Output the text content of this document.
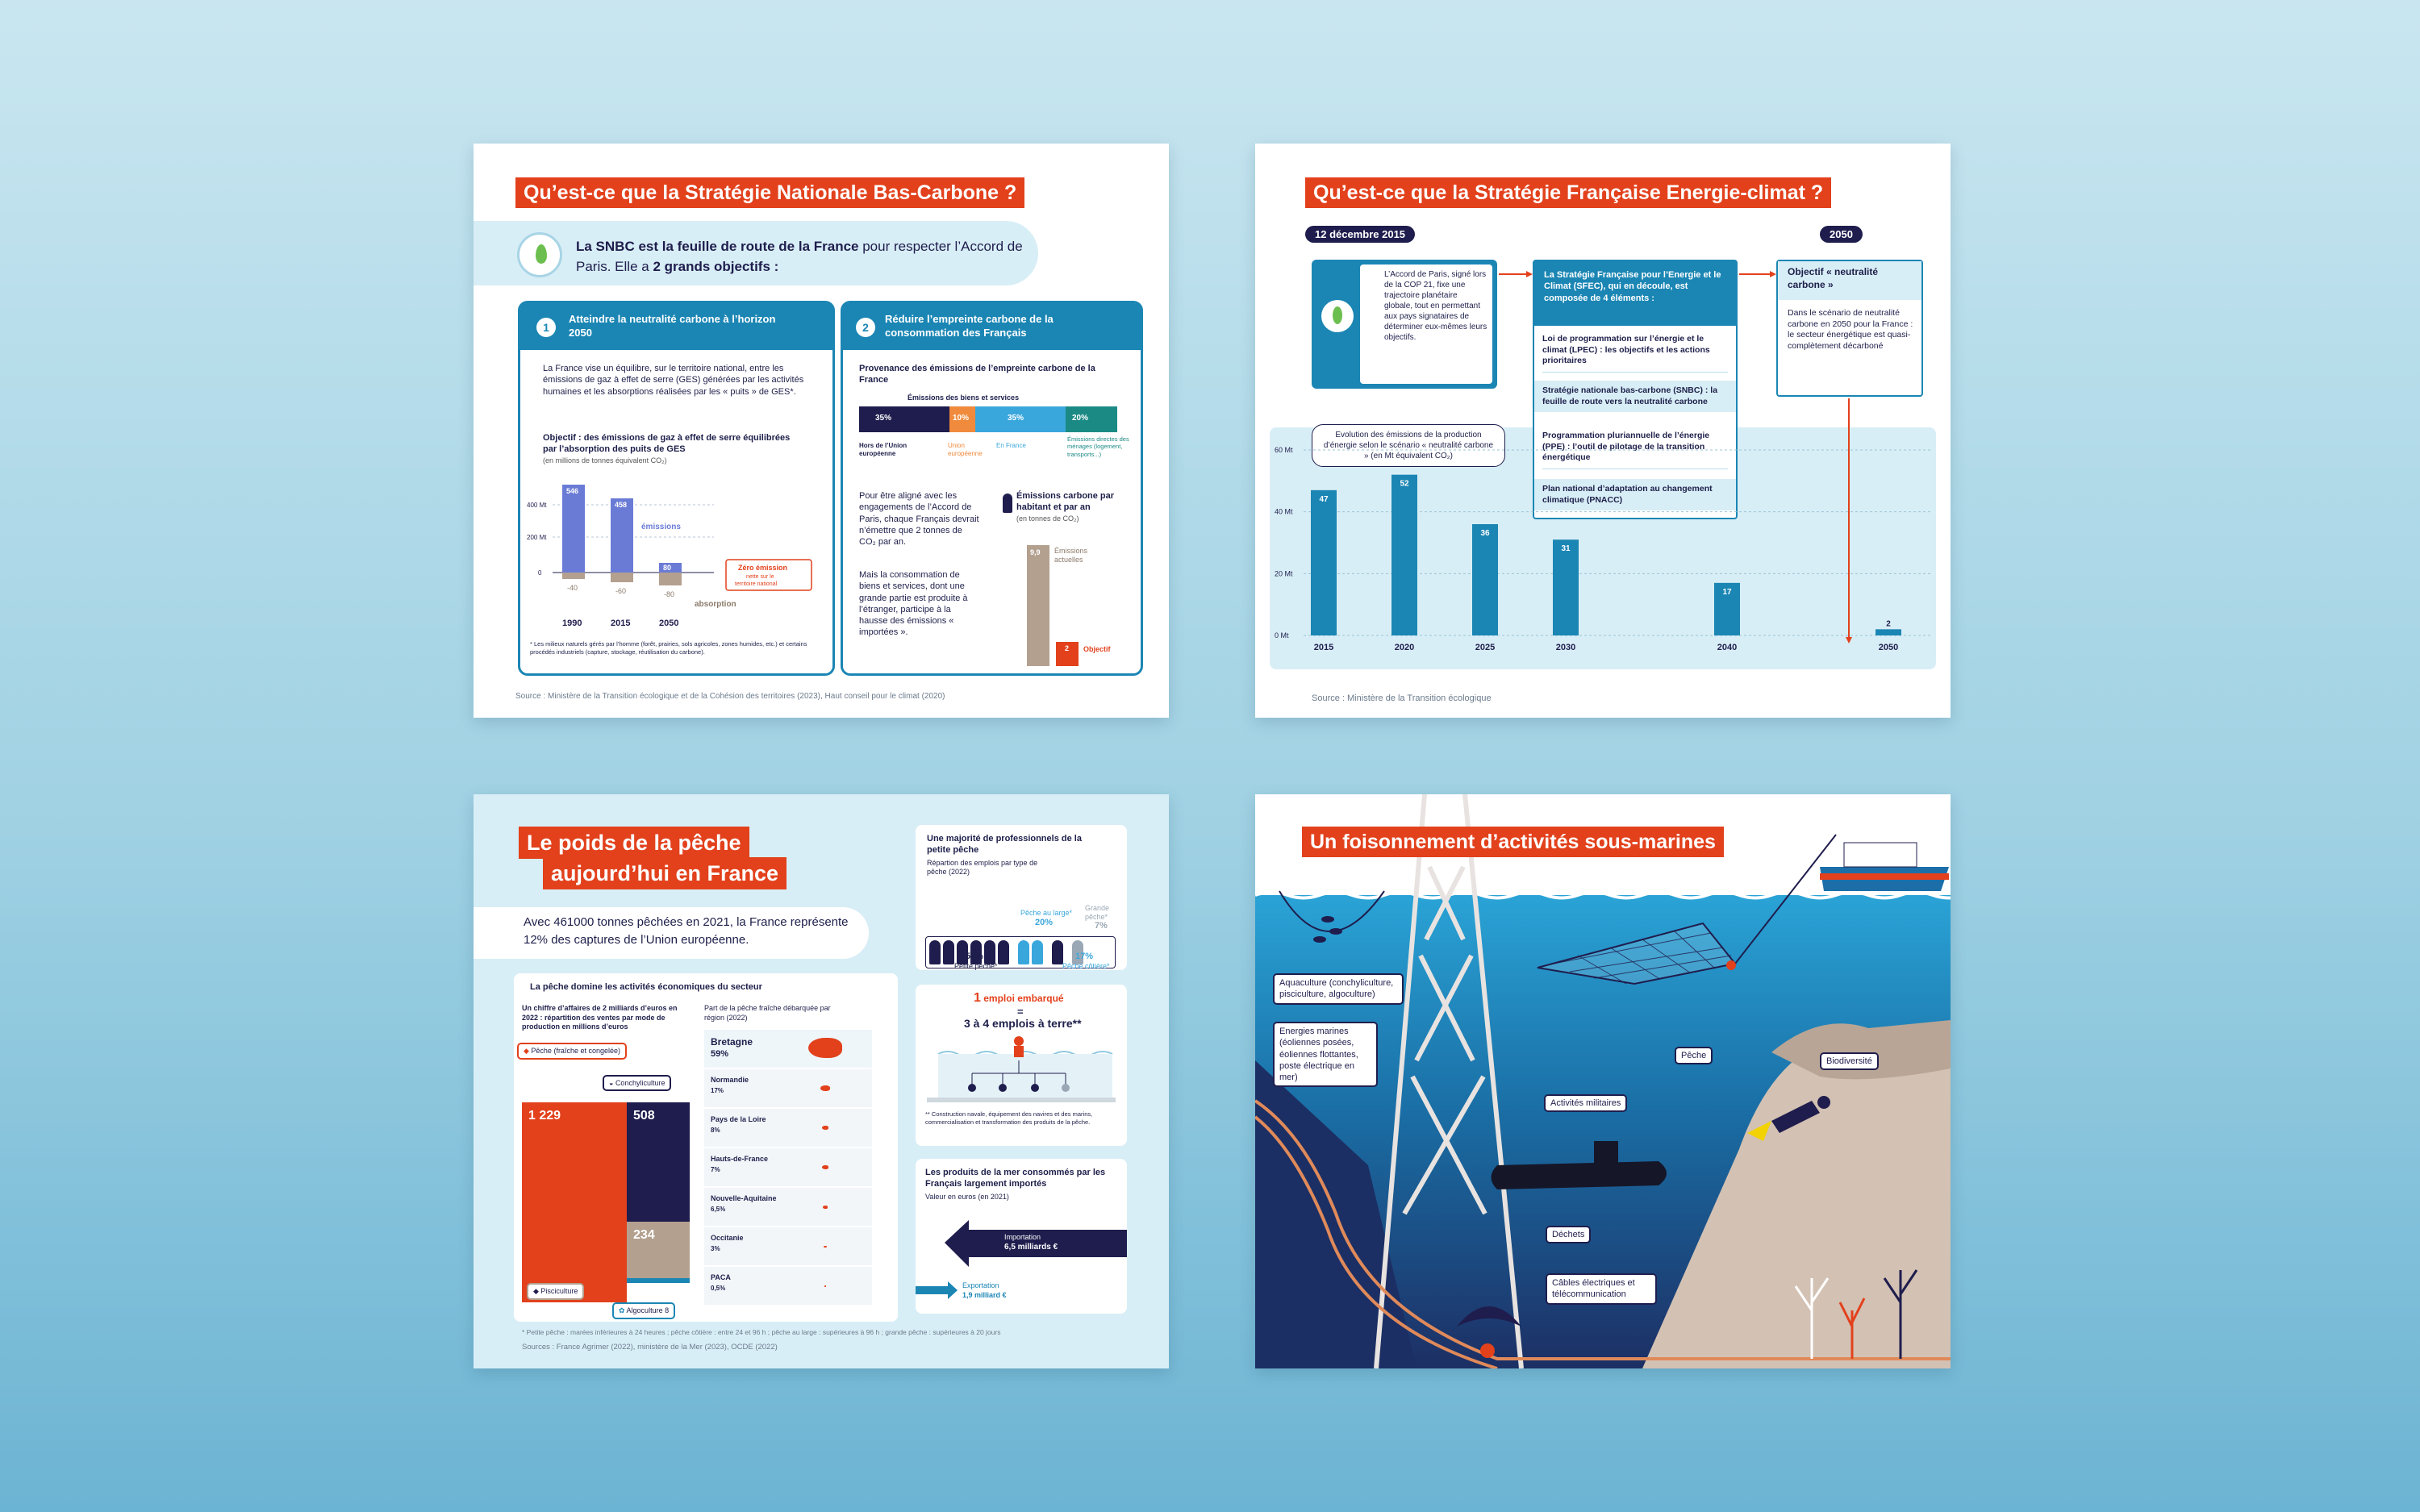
Qu’est-ce que la Stratégie Nationale Bas-Carbone ?
La SNBC est la feuille de route de la France pour respecter l’Accord de Paris. Elle a 2 grands objectifs :
1
Atteindre la neutralité carbone à l’horizon 2050
La France vise un équilibre, sur le territoire national, entre les émissions de gaz à effet de serre (GES) générées par les activités humaines et les absorptions réalisées par les « puits » de GES*.
Objectif : des émissions de gaz à effet de serre équilibrées par l’absorption des puits de GES
(en millions de tonnes équivalent CO₂)
400 Mt
200 Mt
0
546
458
80
-40	-60	-80
émissions
absorption
Zéro émission
nette sur le
territoire national
1990	2015	2050
* Les milieux naturels gérés par l’homme (forêt, prairies, sols agricoles, zones humides, etc.) et certains procédés industriels (capture, stockage, réutilisation du carbone).
2
Réduire l’empreinte carbone de la consommation des Français
Provenance des émissions de l’empreinte carbone de la France
Émissions des biens et services
35%	10%	35%	20%
Hors de l’Union européenne
Union européenne
En France
Émissions directes des ménages (logement, transports...)
Pour être aligné avec les engagements de l’Accord de Paris, chaque Français devrait n’émettre que 2 tonnes de CO₂ par an.
Mais la consommation de biens et services, dont une grande partie est produite à l’étranger, participe à la hausse des émissions « importées ».
Émissions carbone par habitant et par an
(en tonnes de CO₂)
9,9 Émissions actuelles
2 Objectif
Source : Ministère de la Transition écologique et de la Cohésion des territoires (2023), Haut conseil pour le climat (2020)
Qu’est-ce que la Stratégie Française Energie-climat ?
12 décembre 2015	2050
L’Accord de Paris, signé lors de la COP 21, fixe une trajectoire planétaire globale, tout en permettant aux pays signataires de déterminer eux-mêmes leurs objectifs.
La Stratégie Française pour l’Energie et le Climat (SFEC), qui en découle, est composée de 4 éléments :
Loi de programmation sur l’énergie et le climat (LPEC) : les objectifs et les actions prioritaires
Stratégie nationale bas-carbone (SNBC) : la feuille de route vers la neutralité carbone
Programmation pluriannuelle de l’énergie (PPE) : l’outil de pilotage de la transition énergétique
Plan national d’adaptation au changement climatique (PNACC)
Objectif « neutralité carbone »
Dans le scénario de neutralité carbone en 2050 pour la France : le secteur énergétique est quasi-complètement décarboné
Evolution des émissions de la production d’énergie selon le scénario « neutralité carbone » (en Mt équivalent CO₂)
0 Mt
20 Mt
40 Mt
60 Mt
47
2015
52
2020
36
2025
31
2030
17
2040
2
2050
Source : Ministère de la Transition écologique
Le poids de la pêche
aujourd’hui en France
Avec 461000 tonnes pêchées en 2021, la France représente 12% des captures de l’Union européenne.
La pêche domine les activités économiques du secteur
Un chiffre d’affaires de 2 milliards d’euros en 2022 : répartition des ventes par mode de production en millions d’euros
◆ Pêche (fraîche et congelée)
◒ Conchyliculture
1 229	508
234
◆ Pisciculture
✿ Algoculture 8
Part de la pêche fraîche débarquée par région (2022)
Bretagne
59%
Normandie
17%
Pays de la Loire
8%
Hauts-de-France
7%
Nouvelle-Aquitaine
6,5%
Occitanie
3%
PACA
0,5%
Une majorité de professionnels de la petite pêche
Répartion des emplois par type de pêche (2022)
Pêche au large*
20%
Grande pêche*
7%
55%
Petite pêche*
17%
Pêche côtière*
1 emploi embarqué
=
3 à 4 emplois à terre**
** Construction navale, équipement des navires et des marins, commercialisation et transformation des produits de la pêche.
Les produits de la mer consommés par les Français largement importés
Valeur en euros (en 2021)
Importation
6,5 milliards €
Exportation
1,9 milliard €
* Petite pêche : marées inférieures à 24 heures ; pêche côtière : entre 24 et 96 h ; pêche au large : supérieures à 96 h ; grande pêche : supérieures à 20 jours
Sources : France Agrimer (2022), ministère de la Mer (2023), OCDE (2022)
Un foisonnement d’activités sous-marines
Aquaculture (conchyliculture, pisciculture, algoculture)
Energies marines (éoliennes posées, éoliennes flottantes, poste électrique en mer)
Pêche
Biodiversité
Activités militaires
Déchets
Câbles électriques et télécommunication
